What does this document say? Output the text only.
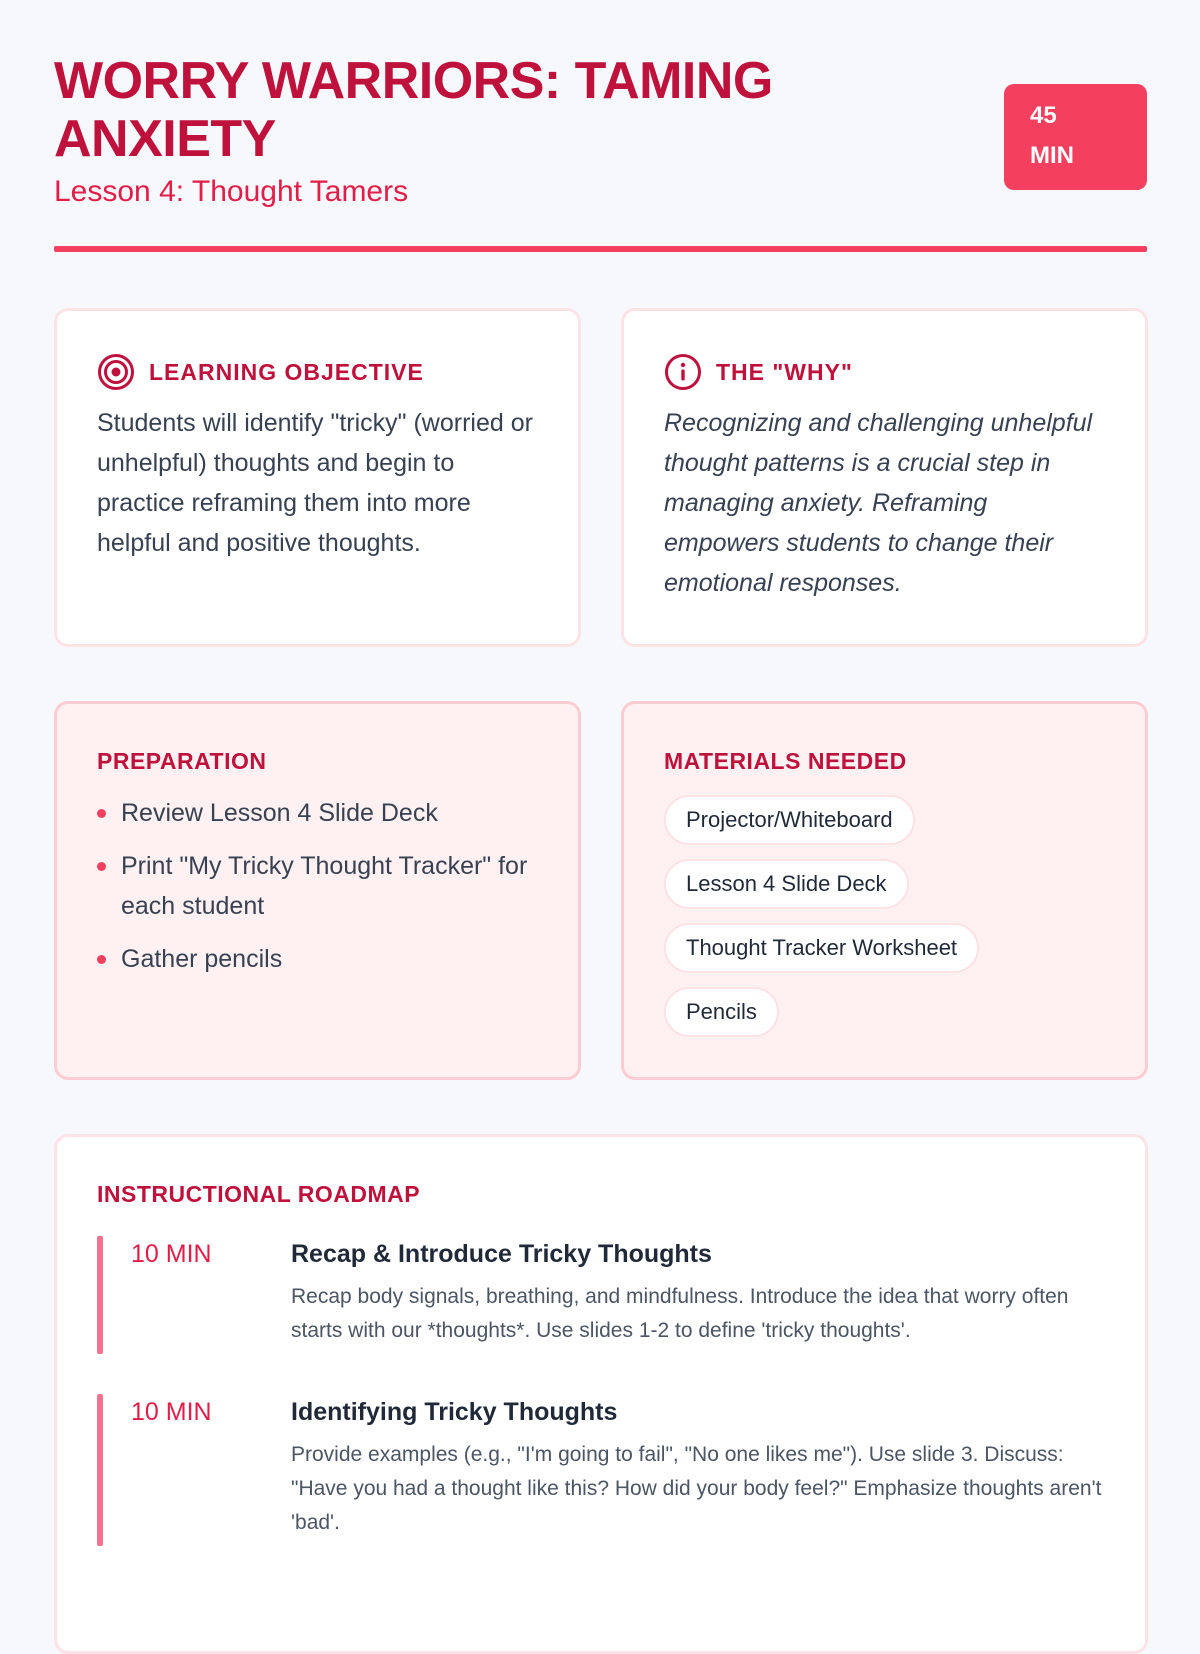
WORRY WARRIORS: TAMING ANXIETY
Lesson 4: Thought Tamers
45
MIN
LEARNING OBJECTIVE

Students will identify "tricky" (worried or unhelpful) thoughts and begin to practice reframing them into more helpful and positive thoughts.

THE "WHY"

Recognizing and challenging unhelpful thought patterns is a crucial step in managing anxiety. Reframing empowers students to change their emotional responses.

PREPARATION
Review Lesson 4 Slide Deck
Print "My Tricky Thought Tracker" for each student
Gather pencils
MATERIALS NEEDED
Projector/Whiteboard
Lesson 4 Slide Deck
Thought Tracker Worksheet
Pencils
INSTRUCTIONAL ROADMAP
10 MIN	Recap & Introduce Tricky Thoughts

Recap body signals, breathing, and mindfulness. Introduce the idea that worry often starts with our *thoughts*. Use slides 1-2 to define 'tricky thoughts'.

10 MIN	Identifying Tricky Thoughts

Provide examples (e.g., "I'm going to fail", "No one likes me"). Use slide 3. Discuss: "Have you had a thought like this? How did your body feel?" Emphasize thoughts aren't 'bad'.
